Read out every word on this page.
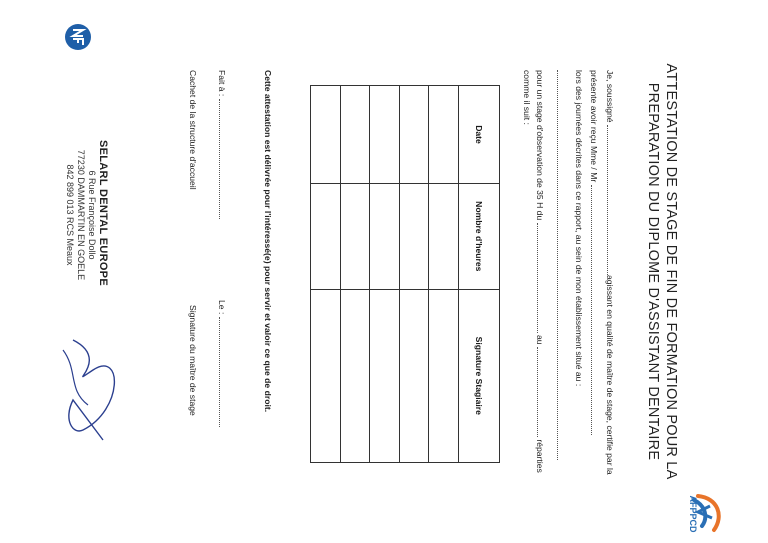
AFPPCD
ATTESTATION DE STAGE DE FIN DE FORMATION POUR LA
PREPARATION DU DIPLOME D'ASSISTANT DENTAIRE
Je, soussigné agissant en qualité de maître de stage, certifie par la
présente avoir reçu Mme / Mr
lors des journées décrites dans ce rapport, au sein de mon établissement situé au :
pour un stage d'observation de 35 H du  au  réparties
comme il suit :
Date	Nombre d'heures	Signature Stagiaire

Cette attestation est délivrée pour l'intéressé(e) pour servir et valoir ce que de droit.
Fait à :
Le :
Cachet de la structure d'accueil
Signature du maître de stage
SELARL DENTAL EUROPE
6 Rue Françoise Dollo
77230 DAMMARTIN EN GOELE
842 899 013 RCS Meaux
